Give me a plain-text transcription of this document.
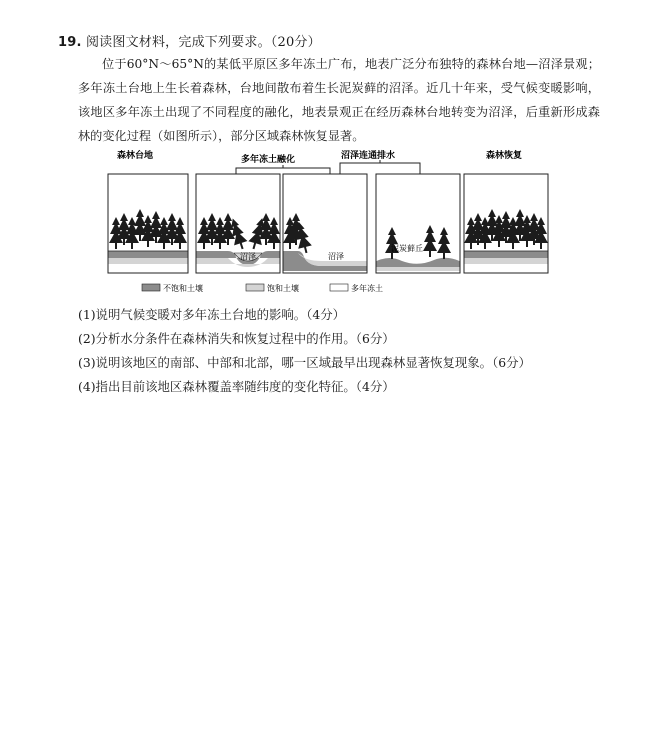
19. 阅读图文材料，完成下列要求。（20分）
位于60°N～65°N的某低平原区多年冻土广布，地表广泛分布独特的森林台地—沼泽景观；多年冻土台地上生长着森林，台地间散布着生长泥炭藓的沼泽。近几十年来，受气候变暖影响，该地区多年冻土出现了不同程度的融化，地表景观正在经历森林台地转变为沼泽，后重新形成森林的变化过程（如图所示），部分区域森林恢复显著。
森林台地	多年冻土融化	沼泽连通排水	森林恢复
沼泽	沼泽
泥炭藓丘
不饱和土壤	饱和土壤	多年冻土
(1)说明气候变暖对多年冻土台地的影响。（4分）
(2)分析水分条件在森林消失和恢复过程中的作用。（6分）
(3)说明该地区的南部、中部和北部，哪一区域最早出现森林显著恢复现象。（6分）
(4)指出目前该地区森林覆盖率随纬度的变化特征。（4分）
